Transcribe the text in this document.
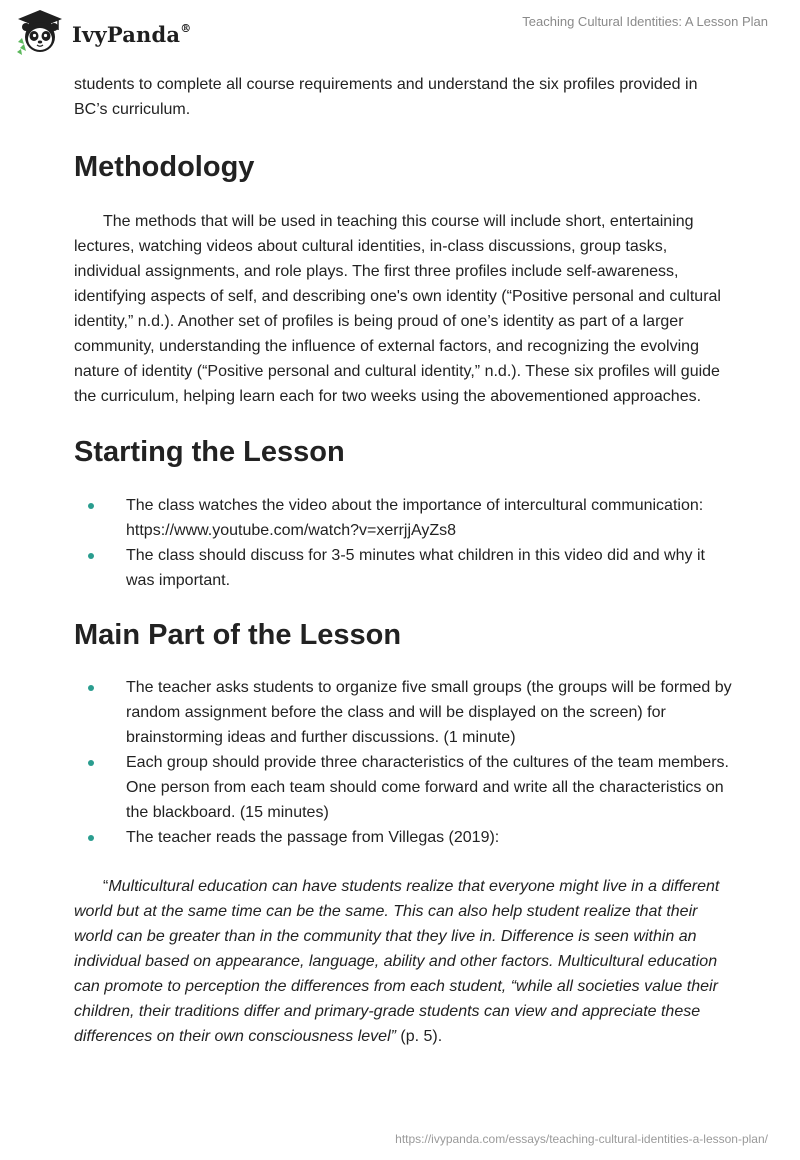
IvyPanda®	Teaching Cultural Identities: A Lesson Plan

students to complete all course requirements and understand the six profiles provided in BC’s curriculum.

Methodology

The methods that will be used in teaching this course will include short, entertaining lectures, watching videos about cultural identities, in-class discussions, group tasks, individual assignments, and role plays. The first three profiles include self-awareness, identifying aspects of self, and describing one's own identity (“Positive personal and cultural identity,” n.d.). Another set of profiles is being proud of one’s identity as part of a larger community, understanding the influence of external factors, and recognizing the evolving nature of identity (“Positive personal and cultural identity,” n.d.). These six profiles will guide the curriculum, helping learn each for two weeks using the abovementioned approaches.

Starting the Lesson
The class watches the video about the importance of intercultural communication: https://www.youtube.com/watch?v=xerrjjAyZs8
The class should discuss for 3-5 minutes what children in this video did and why it was important.
Main Part of the Lesson
The teacher asks students to organize five small groups (the groups will be formed by random assignment before the class and will be displayed on the screen) for brainstorming ideas and further discussions. (1 minute)
Each group should provide three characteristics of the cultures of the team members. One person from each team should come forward and write all the characteristics on the blackboard. (15 minutes)
The teacher reads the passage from Villegas (2019):

“Multicultural education can have students realize that everyone might live in a different world but at the same time can be the same. This can also help student realize that their world can be greater than in the community that they live in. Difference is seen within an individual based on appearance, language, ability and other factors. Multicultural education can promote to perception the differences from each student, “while all societies value their children, their traditions differ and primary-grade students can view and appreciate these differences on their own consciousness level” (p. 5).

https://ivypanda.com/essays/teaching-cultural-identities-a-lesson-plan/
